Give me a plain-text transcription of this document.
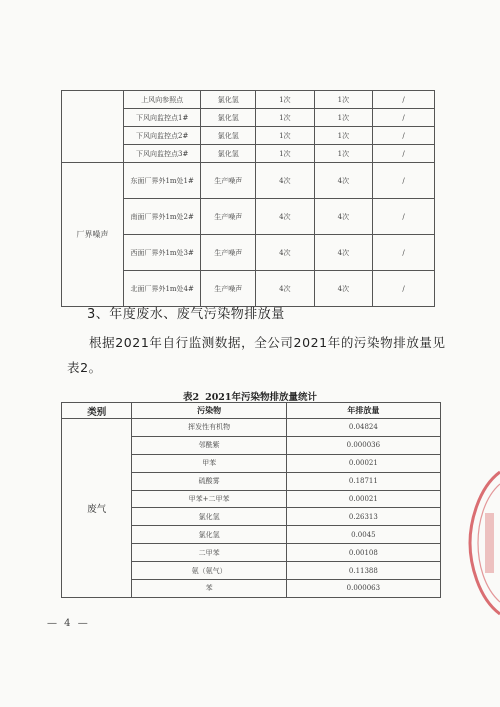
	上风向参照点	氯化氢	1次	1次	/
	下风向监控点1#	氯化氢	1次	1次	/
	下风向监控点2#	氯化氢	1次	1次	/
	下风向监控点3#	氯化氢	1次	1次	/
厂界噪声	东面厂界外1m处1#	生产噪声	4次	4次	/
	南面厂界外1m处2#	生产噪声	4次	4次	/
	西面厂界外1m处3#	生产噪声	4次	4次	/
	北面厂界外1m处4#	生产噪声	4次	4次	/
3、年度废水、废气污染物排放量
根据2021年自行监测数据，全公司2021年的污染物排放量见表2。
表2 2021年污染物排放量统计
类别	污染物	年排放量
废气	挥发性有机物	0.04824
	邻酰紫	0.000036
	甲苯	0.00021
	硫酸雾	0.18711
	甲苯+二甲苯	0.00021
	氯化氢	0.26313
	氯化氢	0.0045
	二甲苯	0.00108
	氨（氨气）	0.11388
	苯	0.000063
— 4 —
